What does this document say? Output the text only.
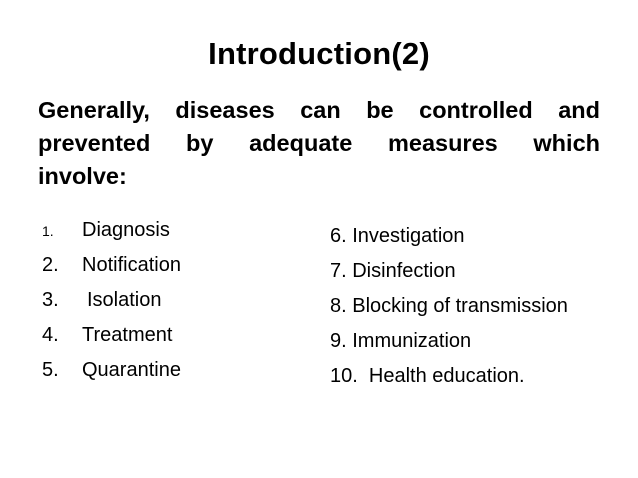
Introduction(2)
Generally, diseases can be controlled and
prevented by adequate measures which
involve:
1. Diagnosis
2. Notification
3. Isolation
4. Treatment
5. Quarantine
6. Investigation
7. Disinfection
8. Blocking of transmission
9. Immunization
10.  Health education.
